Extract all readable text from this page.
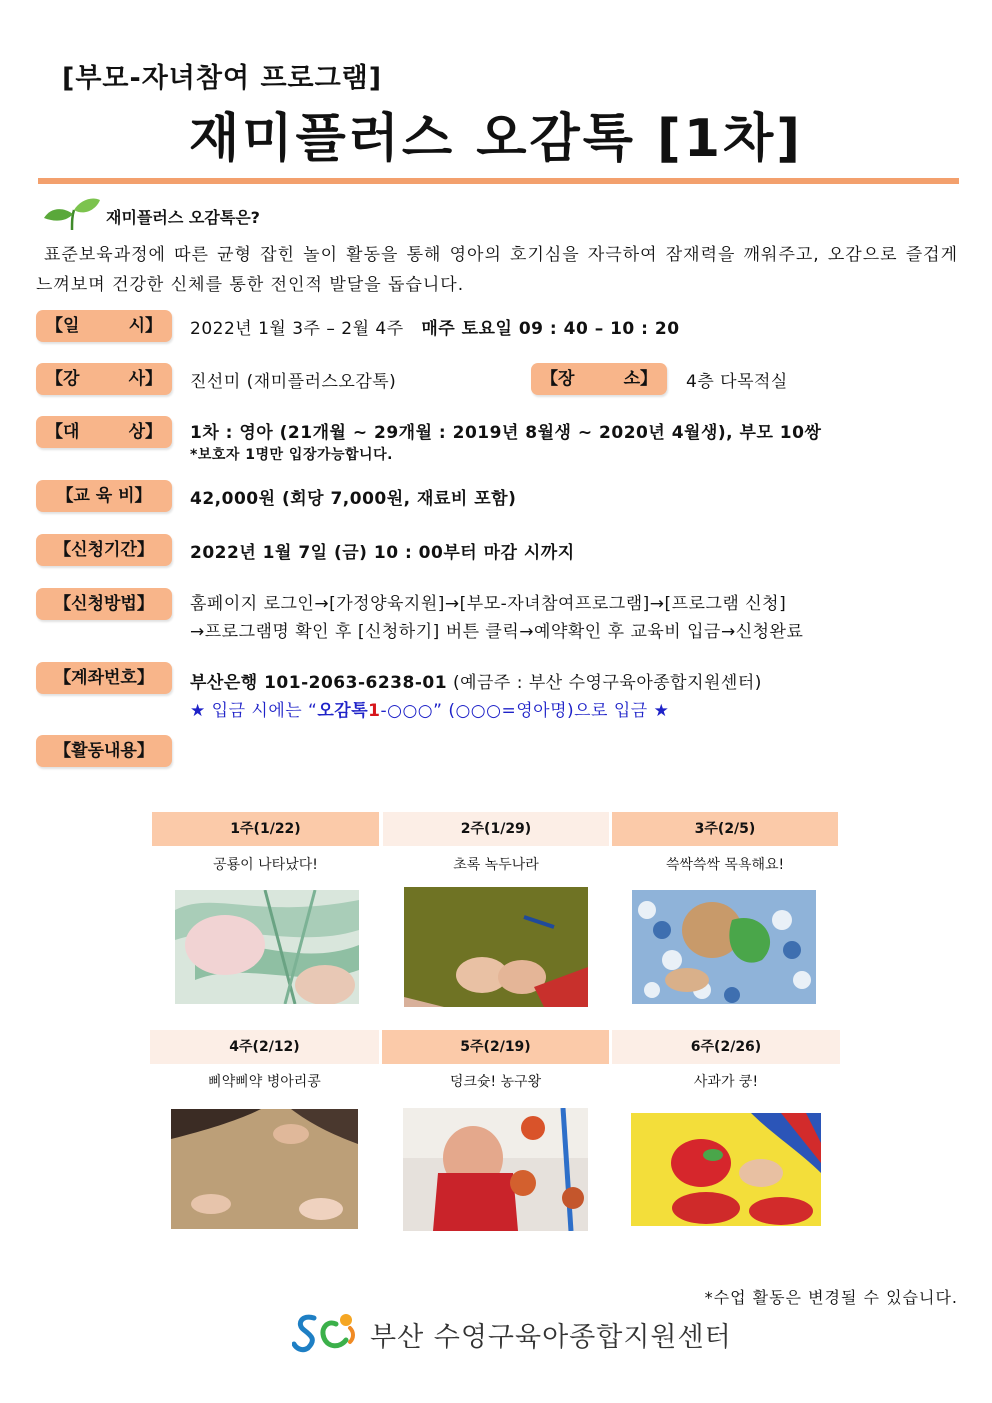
[부모-자녀참여 프로그램]
재미플러스 오감톡 [1차]
재미플러스 오감톡은?
표준보육과정에 따른 균형 잡힌 놀이 활동을 통해 영아의 호기심을 자극하여 잠재력을 깨워주고, 오감으로 즐겁게 느껴보며 건강한 신체를 통한 전인적 발달을 돕습니다.
【일	시】 2022년 1월 3주 – 2월 4주 매주 토요일 09 : 40 – 10 : 20
【강	사】 진선미 (재미플러스오감톡)	【장	소】 4층 다목적실
【대	상】 1차 : 영아 (21개월 ~ 29개월 : 2019년 8월생 ~ 2020년 4월생), 부모 10쌍
*보호자 1명만 입장가능합니다.
【교 육 비】 42,000원 (회당 7,000원, 재료비 포함)
【신청기간】 2022년 1월 7일 (금) 10 : 00부터 마감 시까지
【신청방법】 홈페이지 로그인→[가정양육지원]→[부모-자녀참여프로그램]→[프로그램 신청]
→프로그램명 확인 후 [신청하기] 버튼 클릭→예약확인 후 교육비 입금→신청완료
【계좌번호】 부산은행 101-2063-6238-01 (예금주 : 부산 수영구육아종합지원센터)
★ 입금 시에는 “오감톡1-○○○” (○○○=영아명)으로 입금 ★
【활동내용】
1주(1/22)	2주(1/29)	3주(2/5)
공룡이 나타났다!	초록 녹두나라	쓱싹쓱싹 목욕해요!
4주(2/12)	5주(2/19)	6주(2/26)
삐약삐약 병아리콩	덩크슛! 농구왕	사과가 쿵!
*수업 활동은 변경될 수 있습니다.
부산 수영구육아종합지원센터
